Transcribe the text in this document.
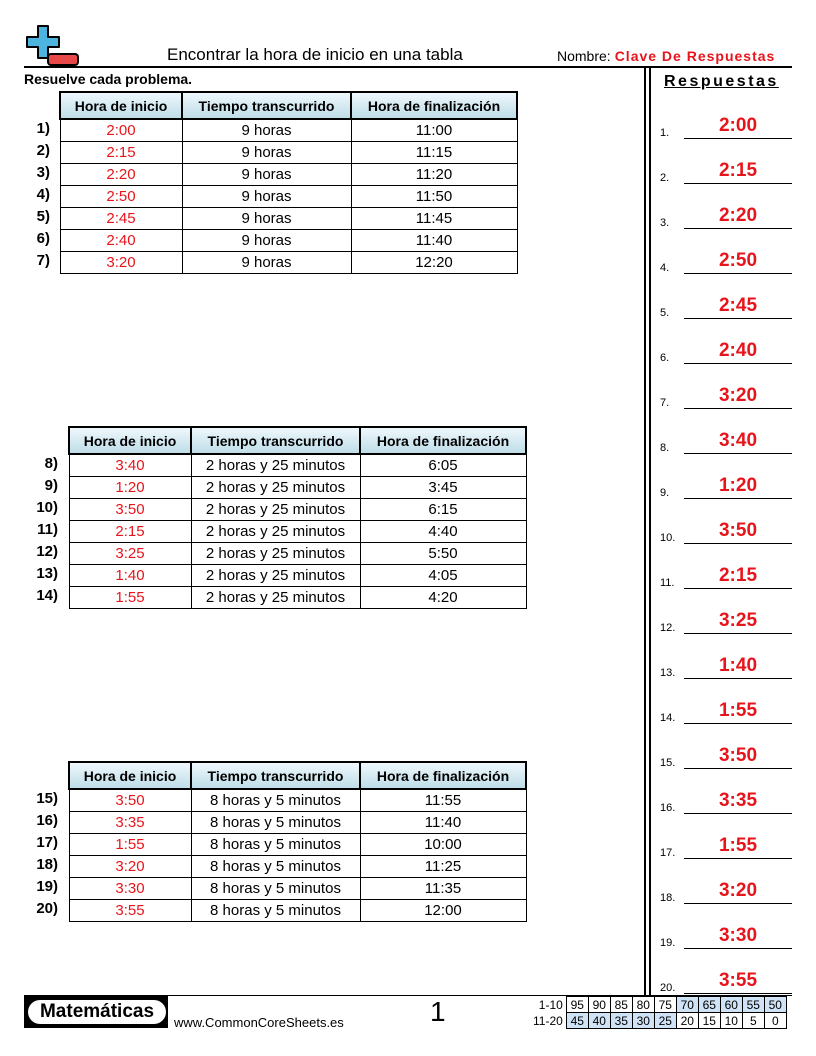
Encontrar la hora de inicio en una tabla	Nombre: Clave De Respuestas
Resuelve cada problema.
1)
2)
3)
4)
5)
6)
7)
Hora de inicio	Tiempo transcurrido	Hora de finalización
2:00	9 horas	11:00
2:15	9 horas	11:15
2:20	9 horas	11:20
2:50	9 horas	11:50
2:45	9 horas	11:45
2:40	9 horas	11:40
3:20	9 horas	12:20
8)
9)
10)
11)
12)
13)
14)
Hora de inicio	Tiempo transcurrido	Hora de finalización
3:40	2 horas y 25 minutos	6:05
1:20	2 horas y 25 minutos	3:45
3:50	2 horas y 25 minutos	6:15
2:15	2 horas y 25 minutos	4:40
3:25	2 horas y 25 minutos	5:50
1:40	2 horas y 25 minutos	4:05
1:55	2 horas y 25 minutos	4:20
15)
16)
17)
18)
19)
20)
Hora de inicio	Tiempo transcurrido	Hora de finalización
3:50	8 horas y 5 minutos	11:55
3:35	8 horas y 5 minutos	11:40
1:55	8 horas y 5 minutos	10:00
3:20	8 horas y 5 minutos	11:25
3:30	8 horas y 5 minutos	11:35
3:55	8 horas y 5 minutos	12:00
Respuestas
1.	2:00
2.	2:15
3.	2:20
4.	2:50
5.	2:45
6.	2:40
7.	3:20
8.	3:40
9.	1:20
10.	3:50
11.	2:15
12.	3:25
13.	1:40
14.	1:55
15.	3:50
16.	3:35
17.	1:55
18.	3:20
19.	3:30
20.	3:55
Matemáticas
www.CommonCoreSheets.es	1	1-10	95	90	85	80	75	70	65	60	55	50
11-20	45	40	35	30	25	20	15	10	5	0
